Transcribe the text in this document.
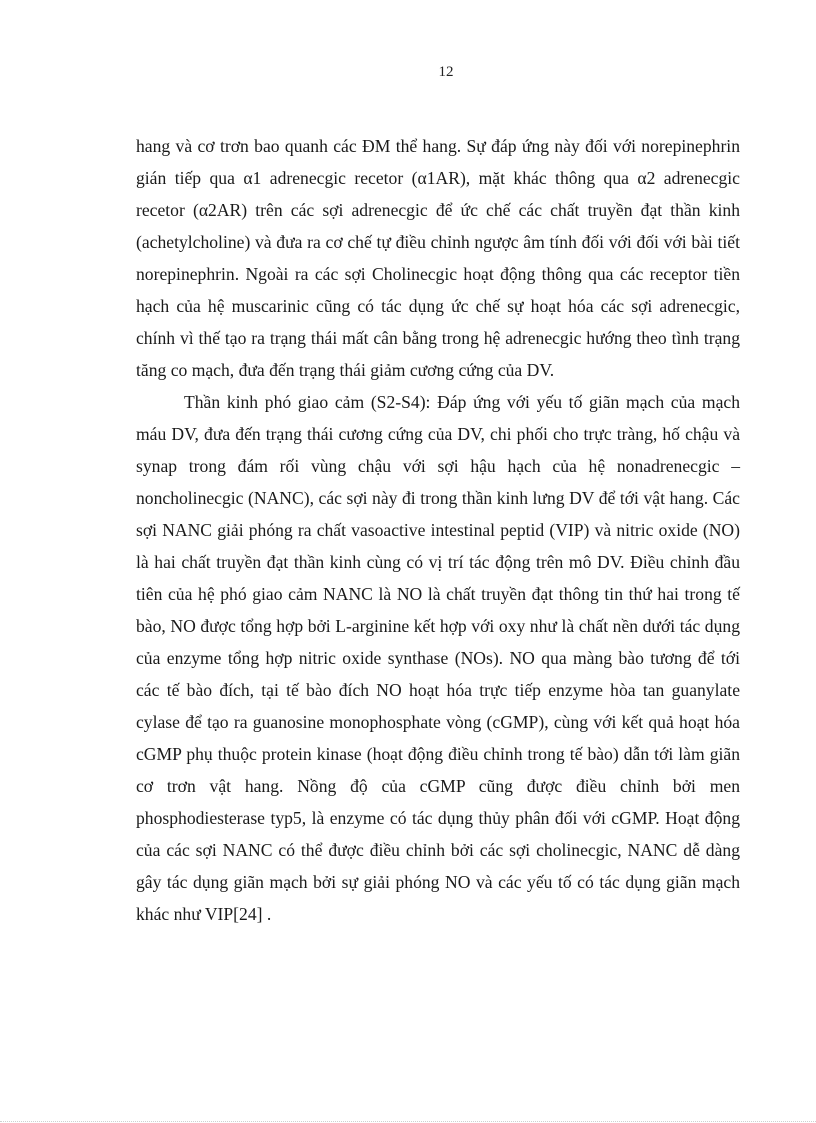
12

hang và cơ trơn bao quanh các ĐM thể hang. Sự đáp ứng này đối với norepinephrin gián tiếp qua α1 adrenecgic recetor (α1AR), mặt khác thông qua α2 adrenecgic recetor (α2AR) trên các sợi adrenecgic để ức chế các chất truyền đạt thần kinh (achetylcholine) và đưa ra cơ chế tự điều chỉnh ngược âm tính đối với đối với bài tiết norepinephrin. Ngoài ra các sợi Cholinecgic hoạt động thông qua các receptor tiền hạch của hệ muscarinic cũng có tác dụng ức chế sự hoạt hóa các sợi adrenecgic, chính vì thế tạo ra trạng thái mất cân bằng trong hệ adrenecgic hướng theo tình trạng tăng co mạch, đưa đến trạng thái giảm cương cứng của DV.

Thần kinh phó giao cảm (S2-S4): Đáp ứng với yếu tố giãn mạch của mạch máu DV, đưa đến trạng thái cương cứng của DV, chi phối cho trực tràng, hố chậu và synap trong đám rối vùng chậu với sợi hậu hạch của hệ nonadrenecgic – noncholinecgic (NANC), các sợi này đi trong thần kinh lưng DV để tới vật hang. Các sợi NANC giải phóng ra chất vasoactive intestinal peptid (VIP) và nitric oxide (NO) là hai chất truyền đạt thần kinh cùng có vị trí tác động trên mô DV. Điều chỉnh đầu tiên của hệ phó giao cảm NANC là NO là chất truyền đạt thông tin thứ hai trong tế bào, NO được tổng hợp bởi L-arginine kết hợp với oxy như là chất nền dưới tác dụng của enzyme tổng hợp nitric oxide synthase (NOs). NO qua màng bào tương để tới các tế bào đích, tại tế bào đích NO hoạt hóa trực tiếp enzyme hòa tan guanylate cylase để tạo ra guanosine monophosphate vòng (cGMP), cùng với kết quả hoạt hóa cGMP phụ thuộc protein kinase (hoạt động điều chỉnh trong tế bào) dẫn tới làm giãn cơ trơn vật hang. Nồng độ của cGMP cũng được điều chỉnh bởi men phosphodiesterase typ5, là enzyme có tác dụng thủy phân đối với cGMP. Hoạt động của các sợi NANC có thể được điều chỉnh bởi các sợi cholinecgic, NANC dễ dàng gây tác dụng giãn mạch bởi sự giải phóng NO và các yếu tố có tác dụng giãn mạch khác như VIP[24] .
